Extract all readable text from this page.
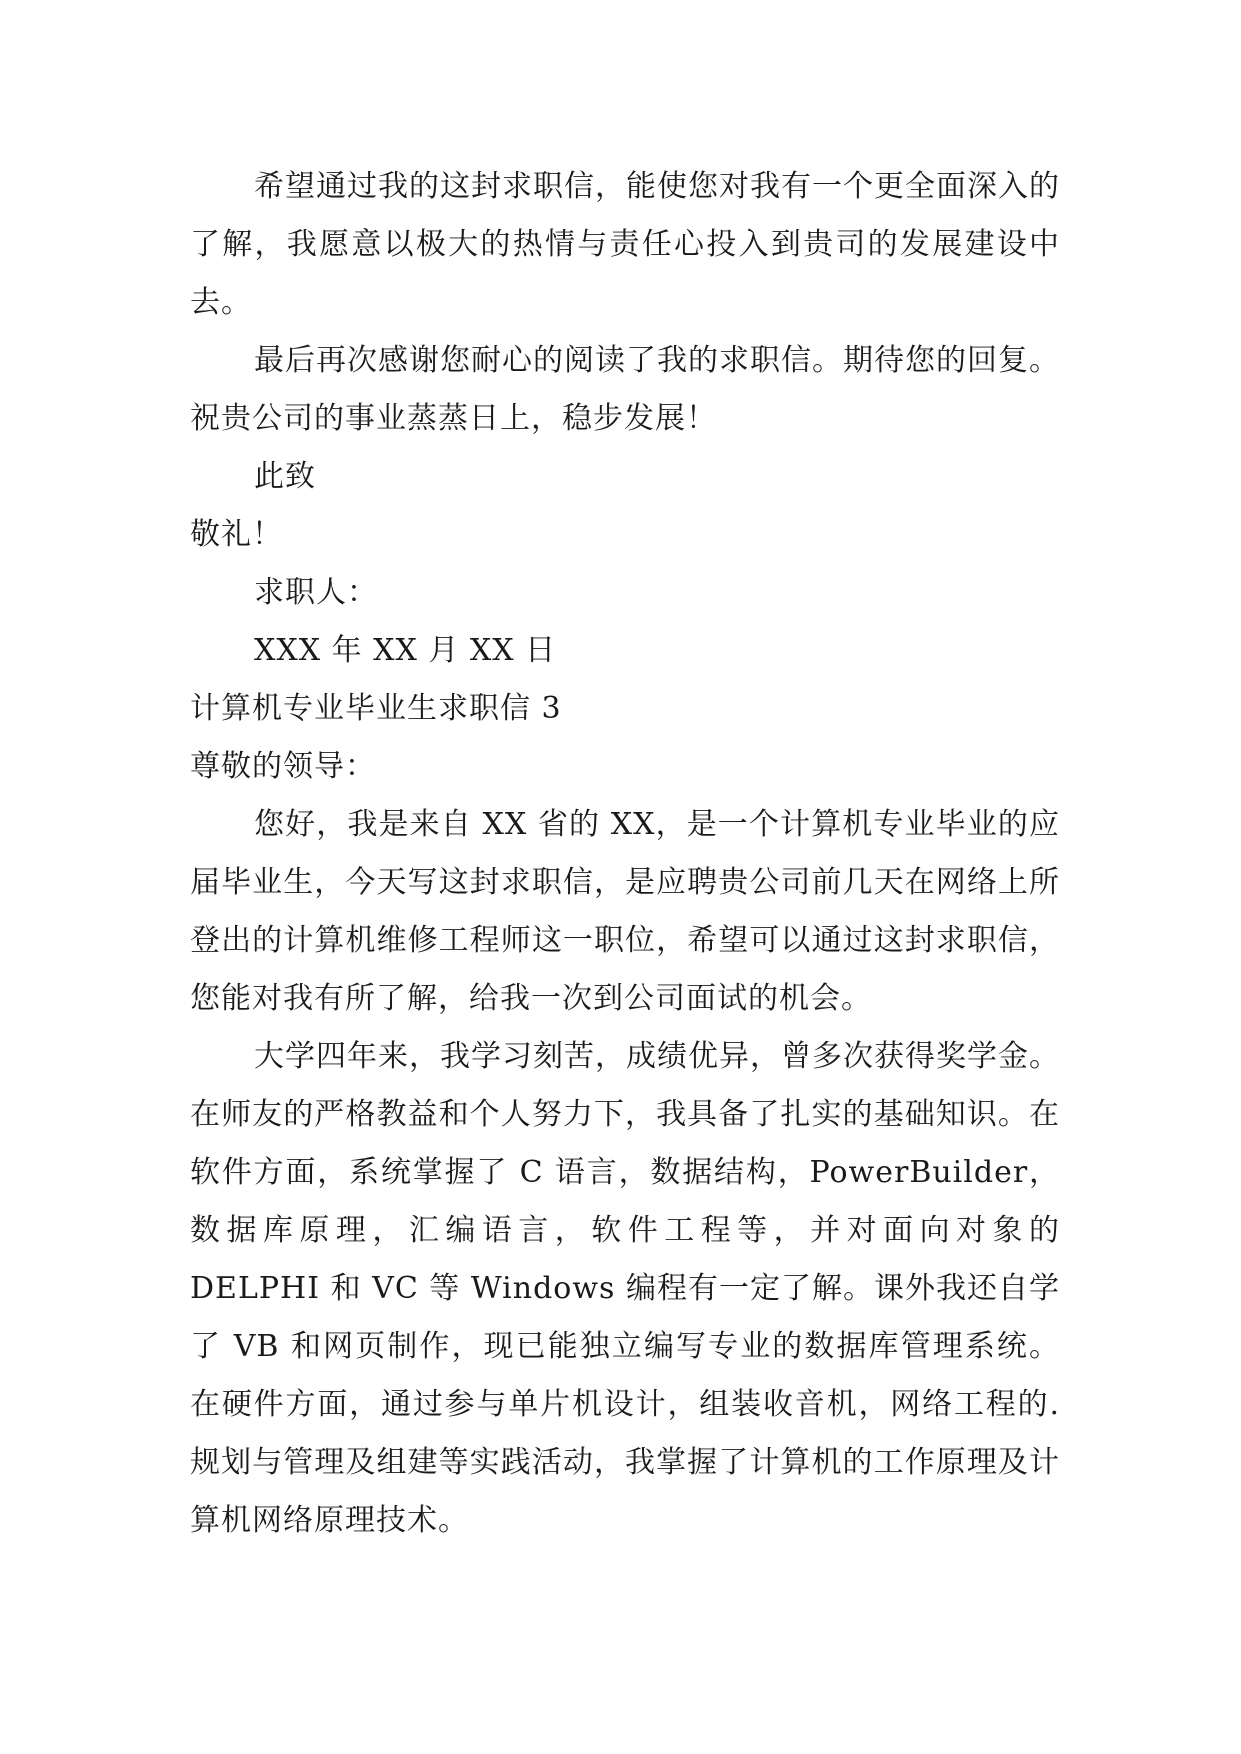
希望通过我的这封求职信，能使您对我有一个更全面深入的了解，我愿意以极大的热情与责任心投入到贵司的发展建设中去。

最后再次感谢您耐心的阅读了我的求职信。期待您的回复。祝贵公司的事业蒸蒸日上，稳步发展！

此致

敬礼！

求职人：

XXX 年 XX 月 XX 日

计算机专业毕业生求职信 3

尊敬的领导：

您好，我是来自 XX 省的 XX，是一个计算机专业毕业的应届毕业生，今天写这封求职信，是应聘贵公司前几天在网络上所登出的计算机维修工程师这一职位，希望可以通过这封求职信，您能对我有所了解，给我一次到公司面试的机会。

大学四年来，我学习刻苦，成绩优异，曾多次获得奖学金。在师友的严格教益和个人努力下，我具备了扎实的基础知识。在软件方面，系统掌握了 C 语言，数据结构，PowerBuilder，数据库原理，汇编语言，软件工程等，并对面向对象的 DELPHI 和 VC 等 Windows 编程有一定了解。课外我还自学了 VB 和网页制作，现已能独立编写专业的数据库管理系统。在硬件方面，通过参与单片机设计，组装收音机，网络工程的.规划与管理及组建等实践活动，我掌握了计算机的工作原理及计算机网络原理技术。
